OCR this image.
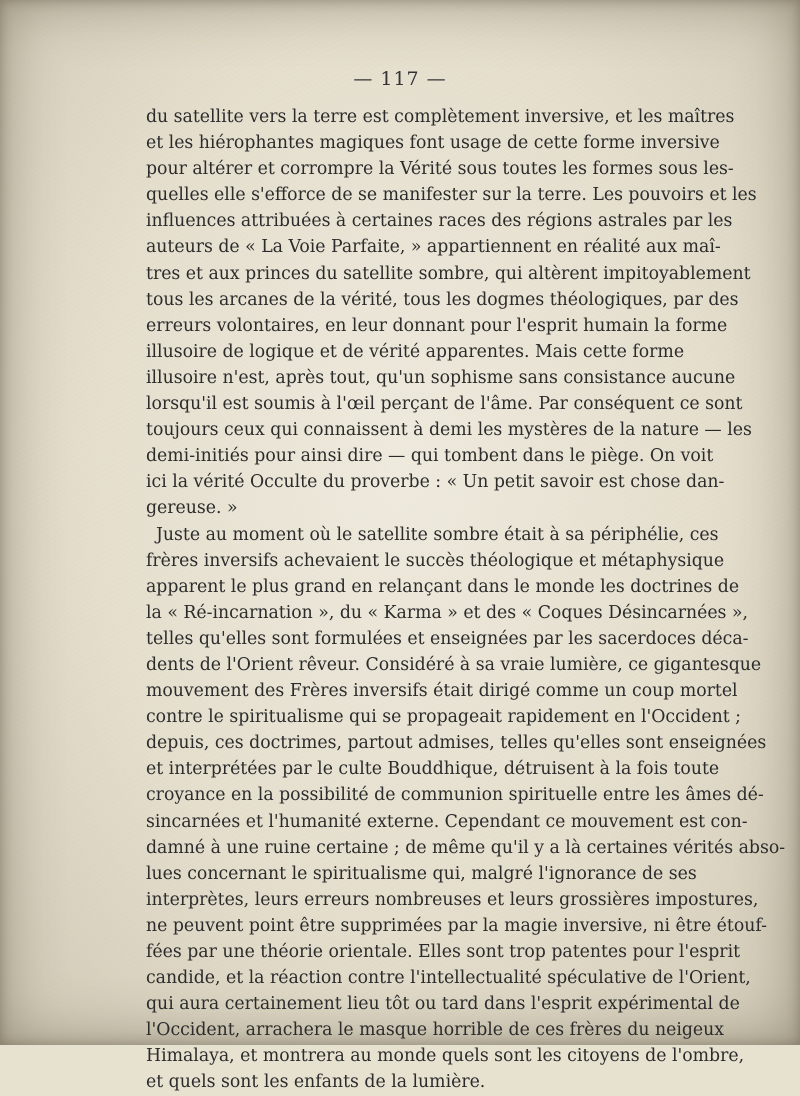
— 117 —
du satellite vers la terre est complètement inversive, et les maîtres
et les hiérophantes magiques font usage de cette forme inversive
pour altérer et corrompre la Vérité sous toutes les formes sous les-
quelles elle s'efforce de se manifester sur la terre. Les pouvoirs et les
influences attribuées à certaines races des régions astrales par les
auteurs de « La Voie Parfaite, » appartiennent en réalité aux maî-
tres et aux princes du satellite sombre, qui altèrent impitoyablement
tous les arcanes de la vérité, tous les dogmes théologiques, par des
erreurs volontaires, en leur donnant pour l'esprit humain la forme
illusoire de logique et de vérité apparentes. Mais cette forme
illusoire n'est, après tout, qu'un sophisme sans consistance aucune
lorsqu'il est soumis à l'œil perçant de l'âme. Par conséquent ce sont
toujours ceux qui connaissent à demi les mystères de la nature — les
demi-initiés pour ainsi dire — qui tombent dans le piège. On voit
ici la vérité Occulte du proverbe : « Un petit savoir est chose dan-
gereuse. »
Juste au moment où le satellite sombre était à sa périphélie, ces
frères inversifs achevaient le succès théologique et métaphysique
apparent le plus grand en relançant dans le monde les doctrines de
la « Ré-incarnation », du « Karma » et des « Coques Désincarnées »,
telles qu'elles sont formulées et enseignées par les sacerdoces déca-
dents de l'Orient rêveur. Considéré à sa vraie lumière, ce gigantesque
mouvement des Frères inversifs était dirigé comme un coup mortel
contre le spiritualisme qui se propageait rapidement en l'Occident ;
depuis, ces doctrimes, partout admises, telles qu'elles sont enseignées
et interprétées par le culte Bouddhique, détruisent à la fois toute
croyance en la possibilité de communion spirituelle entre les âmes dé-
sincarnées et l'humanité externe. Cependant ce mouvement est con-
damné à une ruine certaine ; de même qu'il y a là certaines vérités abso-
lues concernant le spiritualisme qui, malgré l'ignorance de ses
interprètes, leurs erreurs nombreuses et leurs grossières impostures,
ne peuvent point être supprimées par la magie inversive, ni être étouf-
fées par une théorie orientale. Elles sont trop patentes pour l'esprit
candide, et la réaction contre l'intellectualité spéculative de l'Orient,
qui aura certainement lieu tôt ou tard dans l'esprit expérimental de
l'Occident, arrachera le masque horrible de ces frères du neigeux
Himalaya, et montrera au monde quels sont les citoyens de l'ombre,
et quels sont les enfants de la lumière.
